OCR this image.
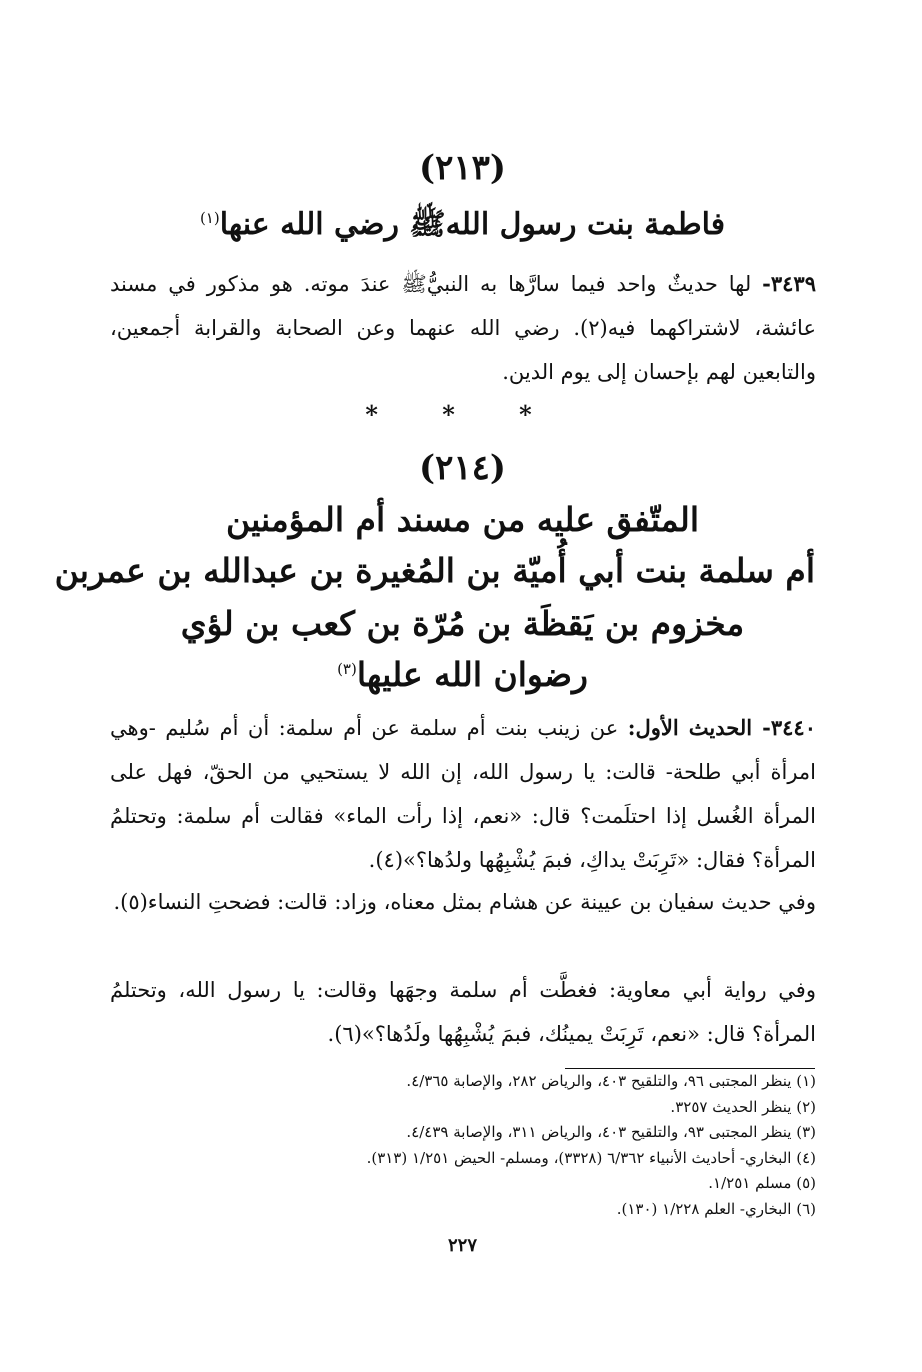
(٢١٣)
فاطمة بنت رسول اللهﷺ رضي الله عنها$^{(١)}$
٣٤٣٩- لها حديثٌ واحد فيما سارَّها به النبيُّﷺ عندَ موته. هو مذكور في مسند عائشة، لاشتراكهما فيه(٢). رضي الله عنهما وعن الصحابة والقرابة أجمعين، والتابعين لهم بإحسان إلى يوم الدين.
* * *
(٢١٤)
المتّفق عليه من مسند أم المؤمنين
أم سلمة بنت أبي أُميّة بن المُغيرة بن عبدالله بن عمربن
مخزوم بن يَقظَة بن مُرّة بن كعب بن لؤي
رضوان الله عليها$^{(٣)}$
٣٤٤٠- الحديث الأول: عن زينب بنت أم سلمة عن أم سلمة: أن أم سُليم -وهي امرأة أبي طلحة- قالت: يا رسول الله، إن الله لا يستحيي من الحقّ، فهل على المرأة الغُسل إذا احتلَمت؟ قال: «نعم، إذا رأت الماء» فقالت أم سلمة: وتحتلمُ المرأة؟ فقال: «تَرِبَتْ يداكِ، فبمَ يُشْبِهُها ولدُها؟»(٤).
وفي حديث سفيان بن عيينة عن هشام بمثل معناه، وزاد: قالت: فضحتِ النساء(٥).
وفي رواية أبي معاوية: فغطَّت أم سلمة وجهَها وقالت: يا رسول الله، وتحتلمُ المرأة؟ قال: «نعم، تَرِبَتْ يمينُك، فبمَ يُشْبِهُها ولَدُها؟»(٦).
(١) ينظر المجتبى ٩٦، والتلقيح ٤٠٣، والرياض ٢٨٢، والإصابة ٤/٣٦٥.
(٢) ينظر الحديث ٣٢٥٧.
(٣) ينظر المجتبى ٩٣، والتلقيح ٤٠٣، والرياض ٣١١، والإصابة ٤/٤٣٩.
(٤) البخاري- أحاديث الأنبياء ٦/٣٦٢ (٣٣٢٨)، ومسلم- الحيض ١/٢٥١ (٣١٣).
(٥) مسلم ١/٢٥١.
(٦) البخاري- العلم ١/٢٢٨ (١٣٠).
٢٢٧
